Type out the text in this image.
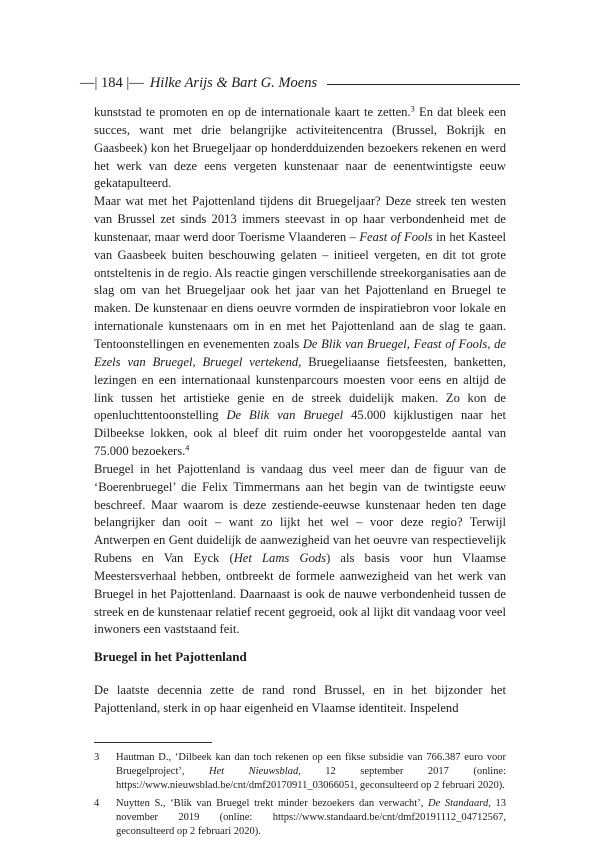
—| 184 |— Hilke Arijs & Bart G. Moens

kunststad te promoten en op de internationale kaart te zetten.$^3$ En dat bleek een succes, want met drie belangrijke activiteitencentra (Brussel, Bokrijk en Gaasbeek) kon het Bruegeljaar op honderdduizenden bezoekers rekenen en werd het werk van deze eens vergeten kunstenaar naar de eenentwintigste eeuw gekatapulteerd.

Maar wat met het Pajottenland tijdens dit Bruegeljaar? Deze streek ten westen van Brussel zet sinds 2013 immers steevast in op haar verbondenheid met de kunstenaar, maar werd door Toerisme Vlaanderen – Feast of Fools in het Kasteel van Gaasbeek buiten beschouwing gelaten – initieel vergeten, en dit tot grote ontsteltenis in de regio. Als reactie gingen verschillende streekorganisaties aan de slag om van het Bruegeljaar ook het jaar van het Pajottenland en Bruegel te maken. De kunstenaar en diens oeuvre vormden de inspiratiebron voor lokale en internationale kunstenaars om in en met het Pajottenland aan de slag te gaan. Tentoonstellingen en evenementen zoals De Blik van Bruegel, Feast of Fools, de Ezels van Bruegel, Bruegel vertekend, Bruegeliaanse fietsfeesten, banketten, lezingen en een internationaal kunstenparcours moesten voor eens en altijd de link tussen het artistieke genie en de streek duidelijk maken. Zo kon de openluchttentoonstelling De Blik van Bruegel 45.000 kijklustigen naar het Dilbeekse lokken, ook al bleef dit ruim onder het vooropgestelde aantal van 75.000 bezoekers.$^4$

Bruegel in het Pajottenland is vandaag dus veel meer dan de figuur van de ‘Boerenbruegel’ die Felix Timmermans aan het begin van de twintigste eeuw beschreef. Maar waarom is deze zestiende-eeuwse kunstenaar heden ten dage belangrijker dan ooit – want zo lijkt het wel – voor deze regio? Terwijl Antwerpen en Gent duidelijk de aanwezigheid van het oeuvre van respectievelijk Rubens en Van Eyck (Het Lams Gods) als basis voor hun Vlaamse Meestersverhaal hebben, ontbreekt de formele aanwezigheid van het werk van Bruegel in het Pajottenland. Daarnaast is ook de nauwe verbondenheid tussen de streek en de kunstenaar relatief recent gegroeid, ook al lijkt dit vandaag voor veel inwoners een vaststaand feit.

Bruegel in het Pajottenland

De laatste decennia zette de rand rond Brussel, en in het bijzonder het Pajottenland, sterk in op haar eigenheid en Vlaamse identiteit. Inspelend

3	Hautman D., ‘Dilbeek kan dan toch rekenen op een fikse subsidie van 766.387 euro voor Bruegelproject’, Het Nieuwsblad, 12 september 2017 (online: https://www.nieuwsblad.be/cnt/dmf20170911_03066051, geconsulteerd op 2 februari 2020).
4	Nuytten S., ‘Blik van Bruegel trekt minder bezoekers dan verwacht’, De Standaard, 13 november 2019 (online: https://www.standaard.be/cnt/dmf20191112_04712567, geconsulteerd op 2 februari 2020).
